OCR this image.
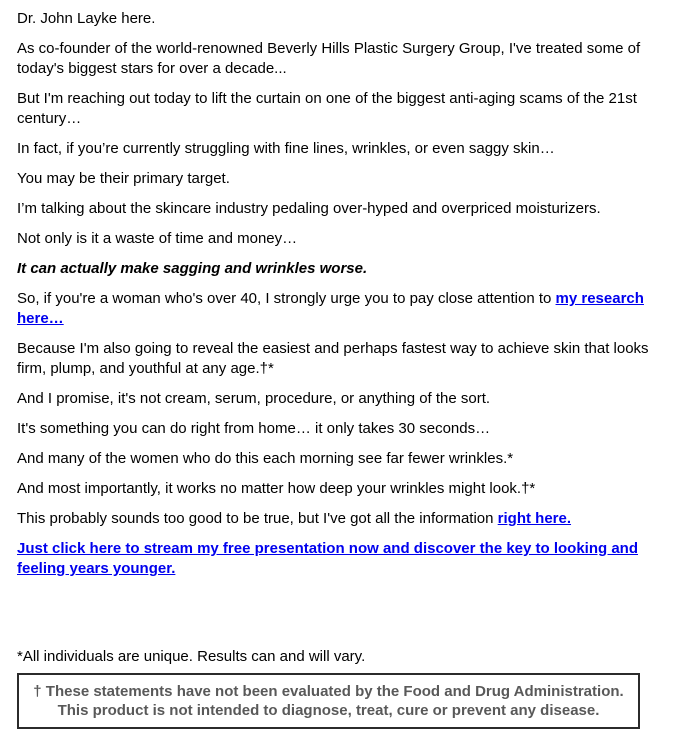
Dr. John Layke here.

As co-founder of the world-renowned Beverly Hills Plastic Surgery Group, I've treated some of today's biggest stars for over a decade...

But I'm reaching out today to lift the curtain on one of the biggest anti-aging scams of the 21st century…

In fact, if you’re currently struggling with fine lines, wrinkles, or even saggy skin…

You may be their primary target.

I’m talking about the skincare industry pedaling over-hyped and overpriced moisturizers.

Not only is it a waste of time and money…

It can actually make sagging and wrinkles worse.

So, if you're a woman who's over 40, I strongly urge you to pay close attention to my research here…

Because I'm also going to reveal the easiest and perhaps fastest way to achieve skin that looks firm, plump, and youthful at any age.†*

And I promise, it's not cream, serum, procedure, or anything of the sort.

It's something you can do right from home… it only takes 30 seconds…

And many of the women who do this each morning see far fewer wrinkles.*

And most importantly, it works no matter how deep your wrinkles might look.†*

This probably sounds too good to be true, but I've got all the information right here.

Just click here to stream my free presentation now and discover the key to looking and feeling years younger.

*All individuals are unique. Results can and will vary.

† These statements have not been evaluated by the Food and Drug Administration.
This product is not intended to diagnose, treat, cure or prevent any disease.
